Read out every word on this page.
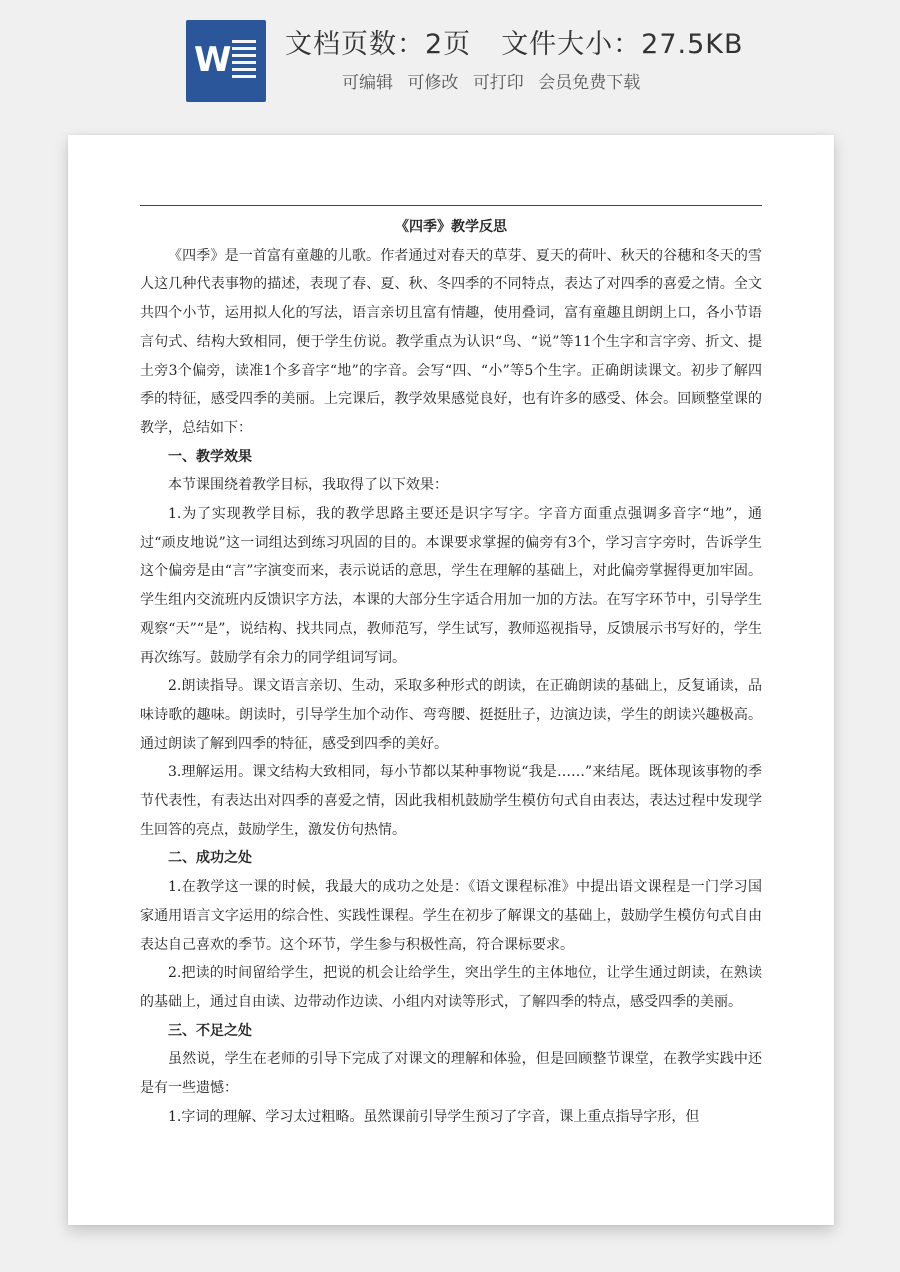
W 文档页数：2页 文件大小：27.5KB
可编辑 可修改 可打印 会员免费下载

《四季》教学反思

《四季》是一首富有童趣的儿歌。作者通过对春天的草芽、夏天的荷叶、秋天的谷穗和冬天的雪人这几种代表事物的描述，表现了春、夏、秋、冬四季的不同特点，表达了对四季的喜爱之情。全文共四个小节，运用拟人化的写法，语言亲切且富有情趣，使用叠词，富有童趣且朗朗上口，各小节语言句式、结构大致相同，便于学生仿说。教学重点为认识“鸟、“说”等11个生字和言字旁、折文、提土旁3个偏旁，读准1个多音字“地”的字音。会写“四、“小”等5个生字。正确朗读课文。初步了解四季的特征，感受四季的美丽。上完课后，教学效果感觉良好，也有许多的感受、体会。回顾整堂课的教学，总结如下：

一、教学效果

本节课围绕着教学目标，我取得了以下效果：

1.为了实现教学目标，我的教学思路主要还是识字写字。字音方面重点强调多音字“地”，通过“顽皮地说”这一词组达到练习巩固的目的。本课要求掌握的偏旁有3个，学习言字旁时，告诉学生这个偏旁是由“言”字演变而来，表示说话的意思，学生在理解的基础上，对此偏旁掌握得更加牢固。学生组内交流班内反馈识字方法，本课的大部分生字适合用加一加的方法。在写字环节中，引导学生观察“天”“是”，说结构、找共同点，教师范写，学生试写，教师巡视指导，反馈展示书写好的，学生再次练写。鼓励学有余力的同学组词写词。

2.朗读指导。课文语言亲切、生动，采取多种形式的朗读，在正确朗读的基础上，反复诵读，品味诗歌的趣味。朗读时，引导学生加个动作、弯弯腰、挺挺肚子，边演边读，学生的朗读兴趣极高。通过朗读了解到四季的特征，感受到四季的美好。

3.理解运用。课文结构大致相同，每小节都以某种事物说“我是……”来结尾。既体现该事物的季节代表性，有表达出对四季的喜爱之情，因此我相机鼓励学生模仿句式自由表达，表达过程中发现学生回答的亮点，鼓励学生，激发仿句热情。

二、成功之处

1.在教学这一课的时候，我最大的成功之处是：《语文课程标准》中提出语文课程是一门学习国家通用语言文字运用的综合性、实践性课程。学生在初步了解课文的基础上，鼓励学生模仿句式自由表达自己喜欢的季节。这个环节，学生参与积极性高，符合课标要求。

2.把读的时间留给学生，把说的机会让给学生，突出学生的主体地位，让学生通过朗读，在熟读的基础上，通过自由读、边带动作边读、小组内对读等形式，了解四季的特点，感受四季的美丽。

三、不足之处

虽然说，学生在老师的引导下完成了对课文的理解和体验，但是回顾整节课堂，在教学实践中还是有一些遗憾：

1.字词的理解、学习太过粗略。虽然课前引导学生预习了字音，课上重点指导字形，但
